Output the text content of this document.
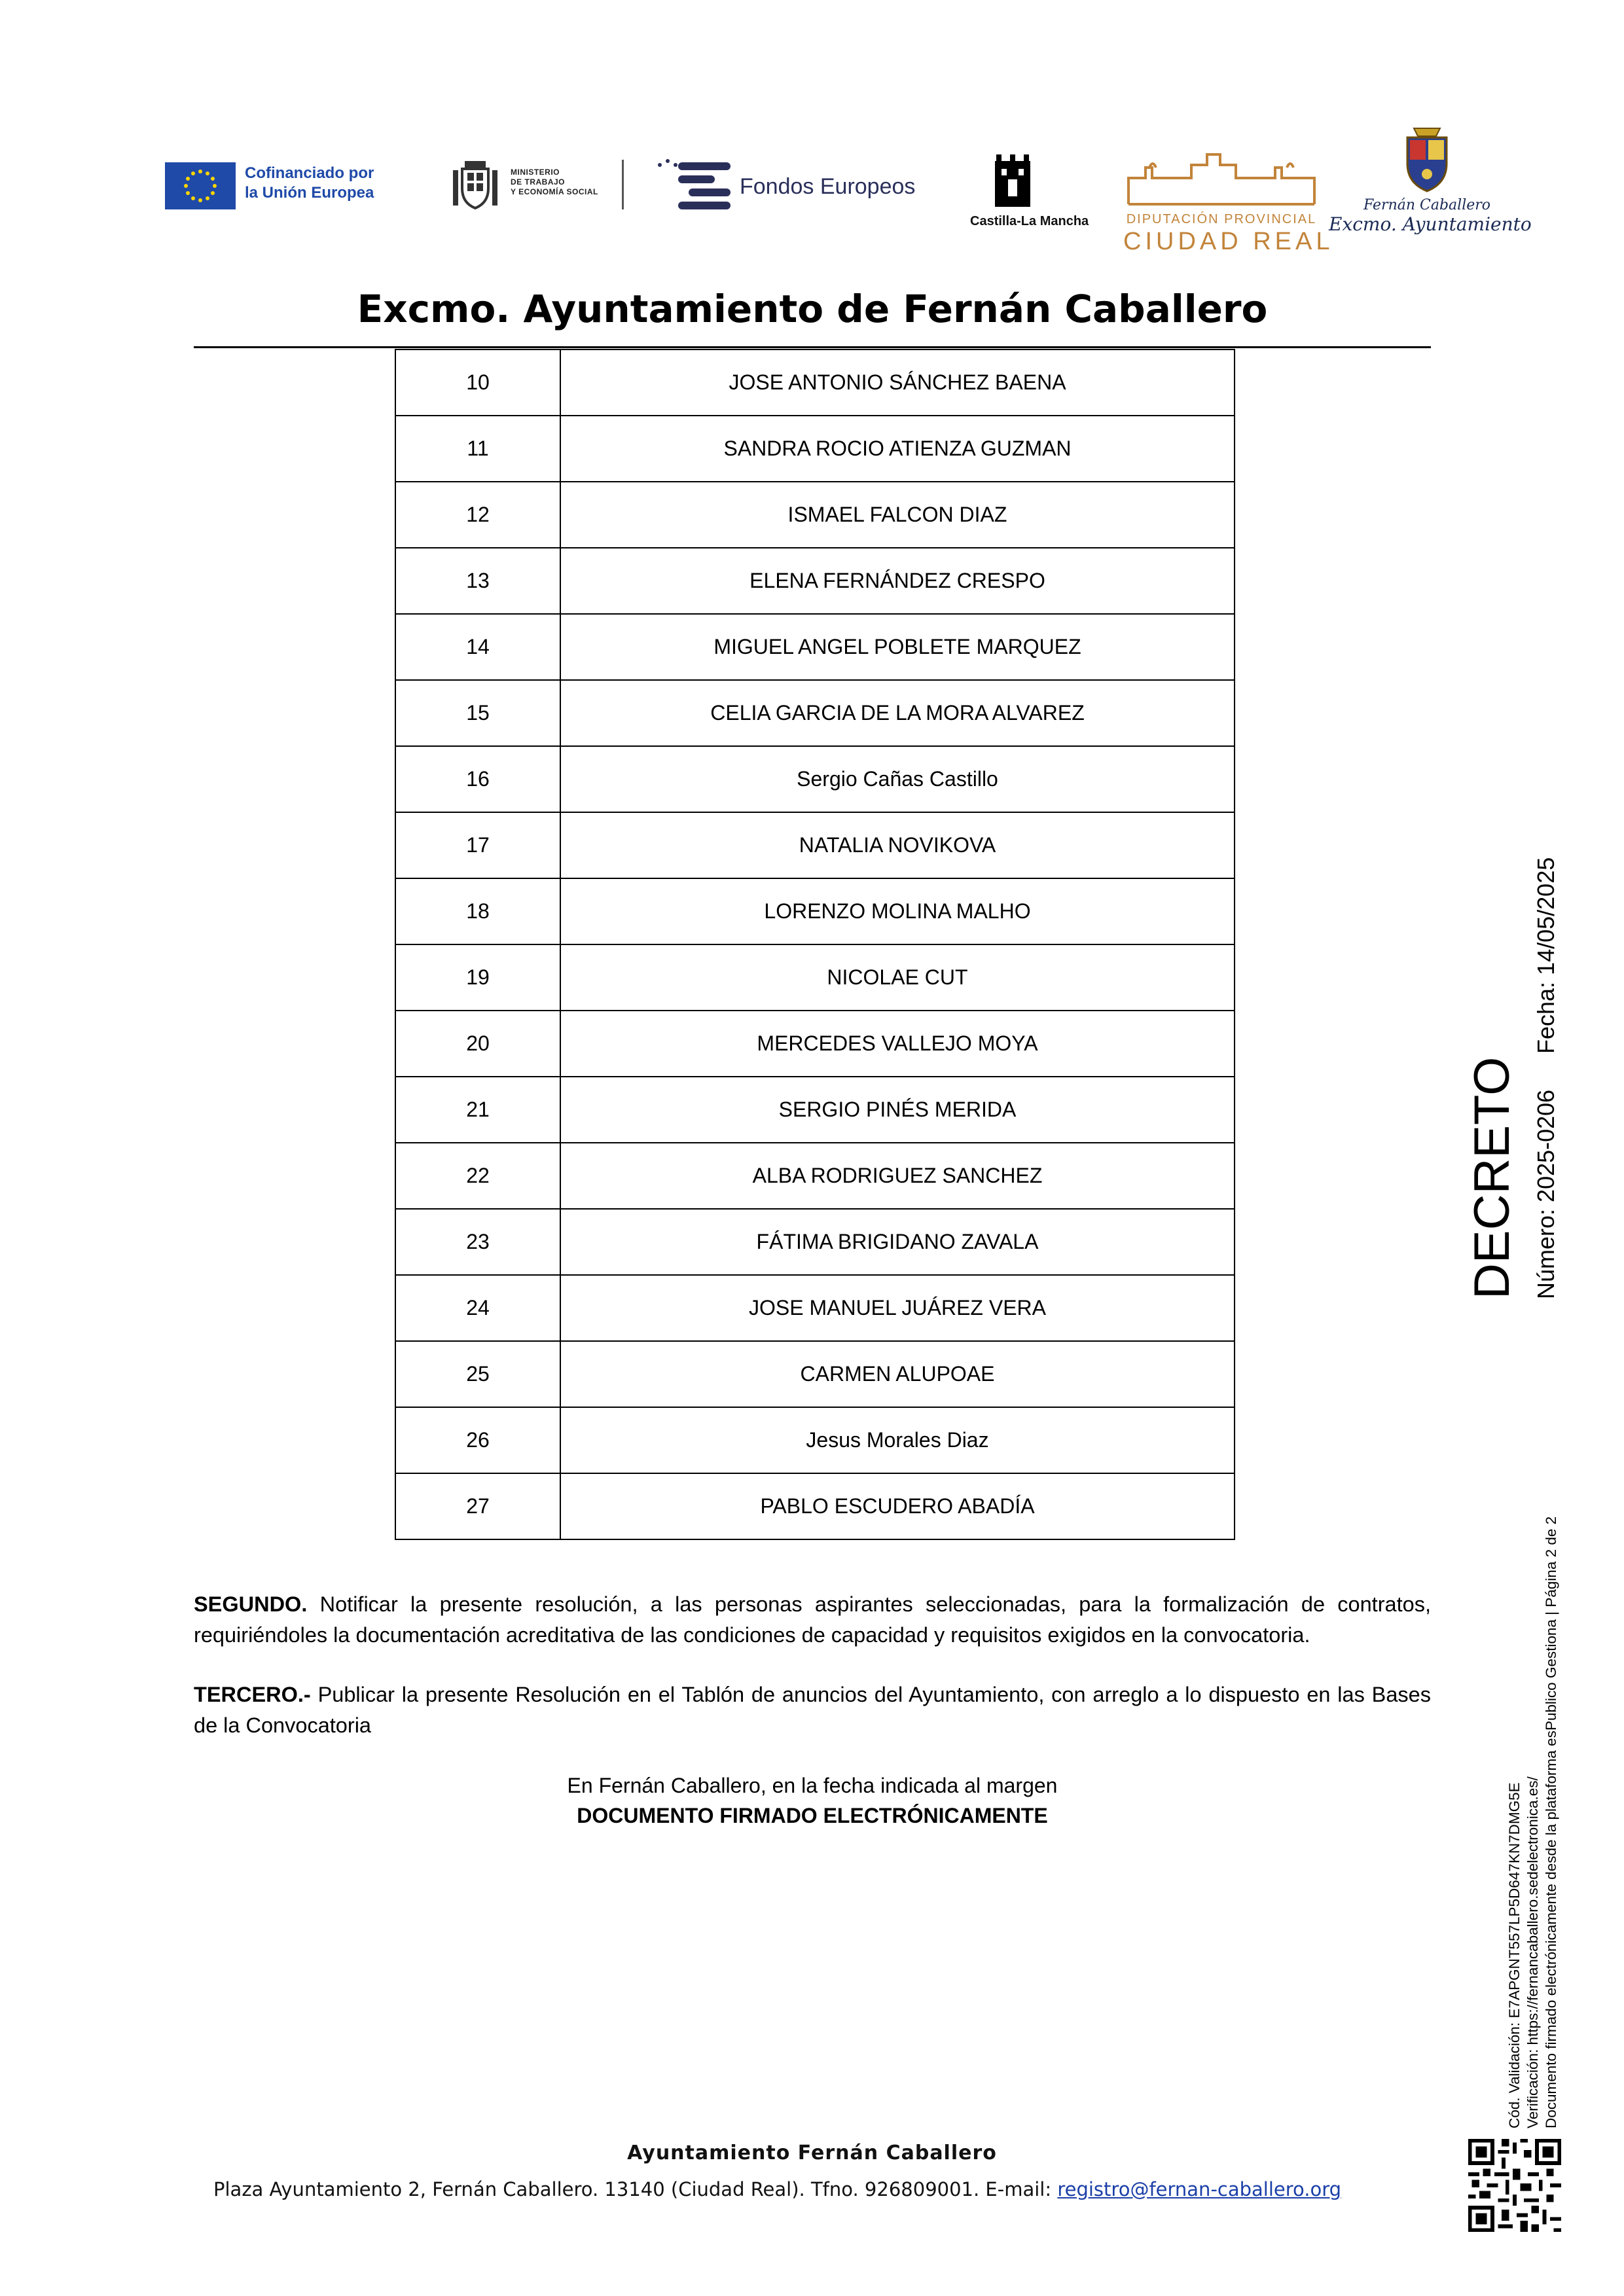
Cofinanciado por
la Unión Europea
MINISTERIO
DE TRABAJO
Y ECONOMÍA SOCIAL	Fondos Europeos
Castilla-La Mancha	DIPUTACIÓN PROVINCIAL
CIUDAD REAL
Fernán Caballero
Excmo. Ayuntamiento
Excmo. Ayuntamiento de Fernán Caballero
10	JOSE ANTONIO SÁNCHEZ BAENA
11	SANDRA ROCIO ATIENZA GUZMAN
12	ISMAEL FALCON DIAZ
13	ELENA FERNÁNDEZ CRESPO
14	MIGUEL ANGEL POBLETE MARQUEZ
15	CELIA GARCIA DE LA MORA ALVAREZ
16	Sergio Cañas Castillo
17	NATALIA NOVIKOVA
18	LORENZO MOLINA MALHO
19	NICOLAE CUT
20	MERCEDES VALLEJO MOYA
21	SERGIO PINÉS MERIDA
22	ALBA RODRIGUEZ SANCHEZ
23	FÁTIMA BRIGIDANO ZAVALA
24	JOSE MANUEL JUÁREZ VERA
25	CARMEN ALUPOAE
26	Jesus Morales Diaz
27	PABLO ESCUDERO ABADÍA

SEGUNDO. Notificar la presente resolución, a las personas aspirantes seleccionadas, para la formalización de contratos, requiriéndoles la documentación acreditativa de las condiciones de capacidad y requisitos exigidos en la convocatoria.

TERCERO.- Publicar la presente Resolución en el Tablón de anuncios del Ayuntamiento, con arreglo a lo dispuesto en las Bases de la Convocatoria

En Fernán Caballero, en la fecha indicada al margen
DOCUMENTO FIRMADO ELECTRÓNICAMENTE
DECRETO Número: 2025-0206
Fecha: 14/05/2025
Cód. Validación: E7APGNT557LP5D647KN7DMG5E Verificación: https://fernancaballero.sedelectronica.es/ Documento firmado electrónicamente desde la plataforma esPublico Gestiona | Página 2 de 2
Ayuntamiento Fernán Caballero
Plaza Ayuntamiento 2, Fernán Caballero. 13140 (Ciudad Real). Tfno. 926809001. E-mail: registro@fernan-caballero.org
